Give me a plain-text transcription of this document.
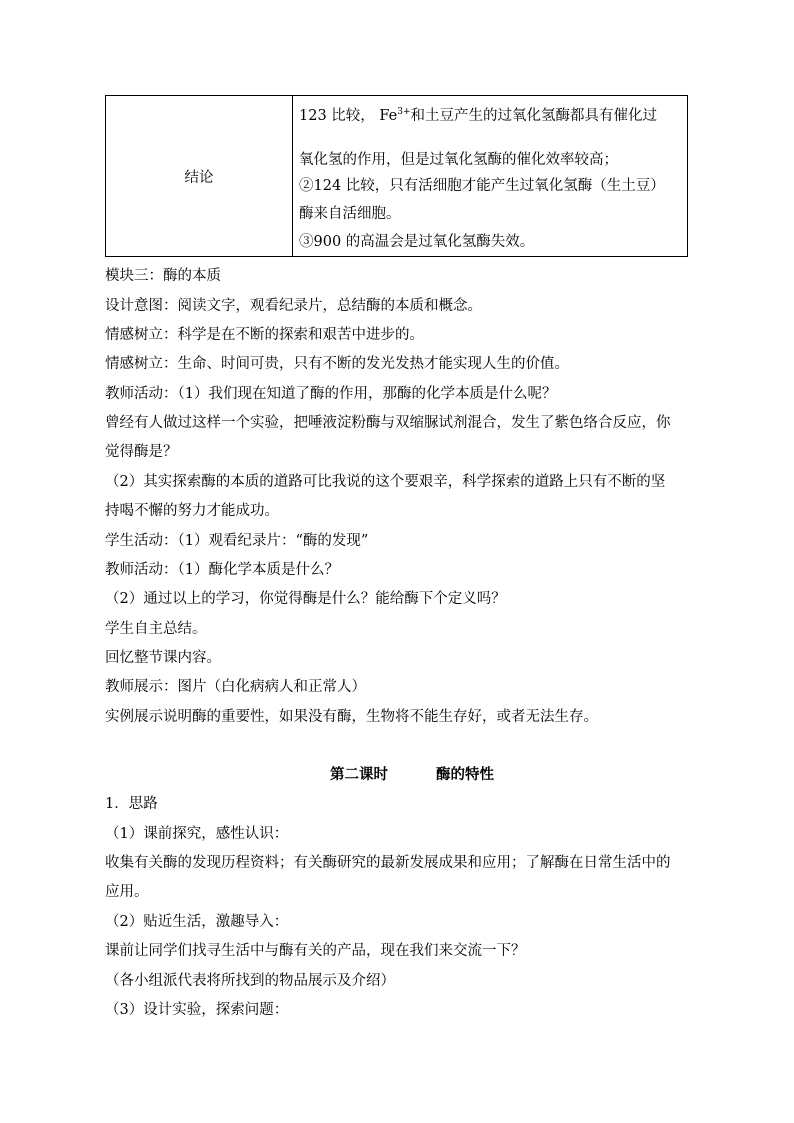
结论	
123 比较， $Fe^{3+}$和土豆产生的过氧化氢酶都具有催化过
氧化氢的作用，但是过氧化氢酶的催化效率较高；
②124 比较，只有活细胞才能产生过氧化氢酶（生土豆）
酶来自活细胞。
③900 的高温会是过氧化氢酶失效。
模块三：酶的本质
设计意图：阅读文字，观看纪录片，总结酶的本质和概念。
情感树立：科学是在不断的探索和艰苦中进步的。
情感树立：生命、时间可贵，只有不断的发光发热才能实现人生的价值。
教师活动：（1）我们现在知道了酶的作用，那酶的化学本质是什么呢？
曾经有人做过这样一个实验，把唾液淀粉酶与双缩脲试剂混合，发生了紫色络合反应，你
觉得酶是？
（2）其实探索酶的本质的道路可比我说的这个要艰辛，科学探索的道路上只有不断的坚
持喝不懈的努力才能成功。
学生活动：（1）观看纪录片：“酶的发现”
教师活动：（1）酶化学本质是什么？
（2）通过以上的学习，你觉得酶是什么？能给酶下个定义吗？
学生自主总结。
回忆整节课内容。
教师展示：图片（白化病病人和正常人）
实例展示说明酶的重要性，如果没有酶，生物将不能生存好，或者无法生存。
第二课时	酶的特性
1．思路
（1）课前探究，感性认识：
收集有关酶的发现历程资料；有关酶研究的最新发展成果和应用；了解酶在日常生活中的
应用。
（2）贴近生活，激趣导入：
课前让同学们找寻生活中与酶有关的产品，现在我们来交流一下？
（各小组派代表将所找到的物品展示及介绍）
（3）设计实验，探索问题：
